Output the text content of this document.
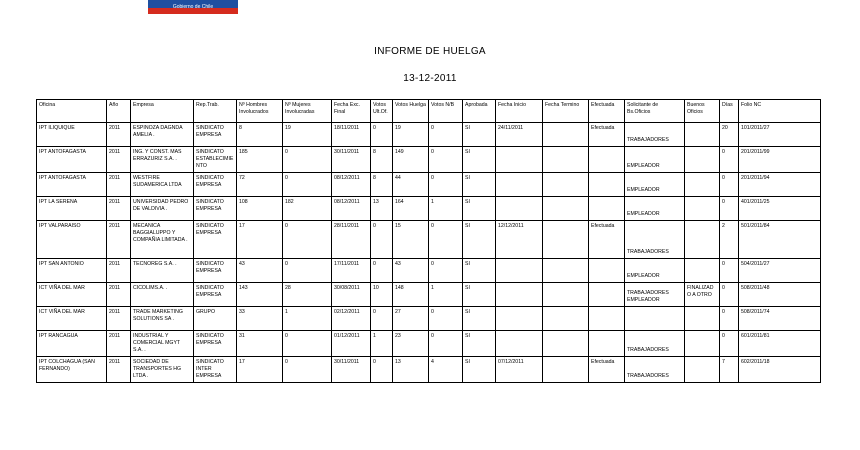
Gobierno de Chile
INFORME DE HUELGA
13-12-2011
Oficina	Año	Empresa	Rep.Trab.	Nº Hombres Involucrados	Nº Mujeres Involucradas	Fecha Exc. Final	Votos Ult.Of.	Votos Huelga	Votos N/B	Aprobada	Fecha Inicio	Fecha Termino	Efectuada	Solicitante de Bs.Oficios	Buenos Oficios	Días	Folio NC
IPT ILIQUIQUE	2011	ESPINOZA DAGNDA AMELIA .	SINDICATO EMPRESA	8	19	18/11/2011	0	19	0	SI	24/11/2011		Efectuada	TRABAJADORES		20	101/2011/27
IPT ANTOFAGASTA	2011	ING. Y CONST. MAS ERRAZURIZ S.A. .	SINDICATO ESTABLECIMIENTO	185	0	30/11/2011	8	149	0	SI				EMPLEADOR		0	201/2011/99
IPT ANTOFAGASTA	2011	WESTFIRE SUDAMERICA LTDA	SINDICATO EMPRESA	72	0	08/12/2011	8	44	0	SI				EMPLEADOR		0	201/2011/94
IPT LA SERENA	2011	UNIVERSIDAD PEDRO DE VALDIVIA .	SINDICATO EMPRESA	108	182	08/12/2011	13	164	1	SI				EMPLEADOR		0	401/2011/25
IPT VALPARAISO	2011	MECANICA BAGGIALUPPO Y COMPAÑIA LIMITADA .	SINDICATO EMPRESA	17	0	28/11/2011	0	15	0	SI	12/12/2011		Efectuada	TRABAJADORES		2	501/2011/84
IPT SAN ANTONIO	2011	TECNOREG S.A. .	SINDICATO EMPRESA	43	0	17/11/2011	0	43	0	SI				EMPLEADOR		0	504/2011/27
ICT VIÑA DEL MAR	2011	CICOLIMS.A. .	SINDICATO EMPRESA	143	28	30/08/2011	10	148	1	SI				TRABAJADORES EMPLEADOR	FINALIZADO A OTRO	0	508/2011/48
ICT VIÑA DEL MAR	2011	TRADE MARKETING SOLUTIONS SA .	GRUPO	33	1	02/12/2011	0	27	0	SI						0	508/2011/74
IPT RANCAGUA	2011	INDUSTRIAL Y COMERCIAL MGYT S.A. .	SINDICATO EMPRESA	31	0	01/12/2011	1	23	0	SI				TRABAJADORES		0	601/2011/81
IPT COLCHAGUA (SAN FERNANDO)	2011	SOCIEDAD DE TRANSPORTES HG LTDA .	SINDICATO INTER EMPRESA	17	0	30/11/2011	0	13	4	SI	07/12/2011		Efectuada	TRABAJADORES		7	602/2011/18
